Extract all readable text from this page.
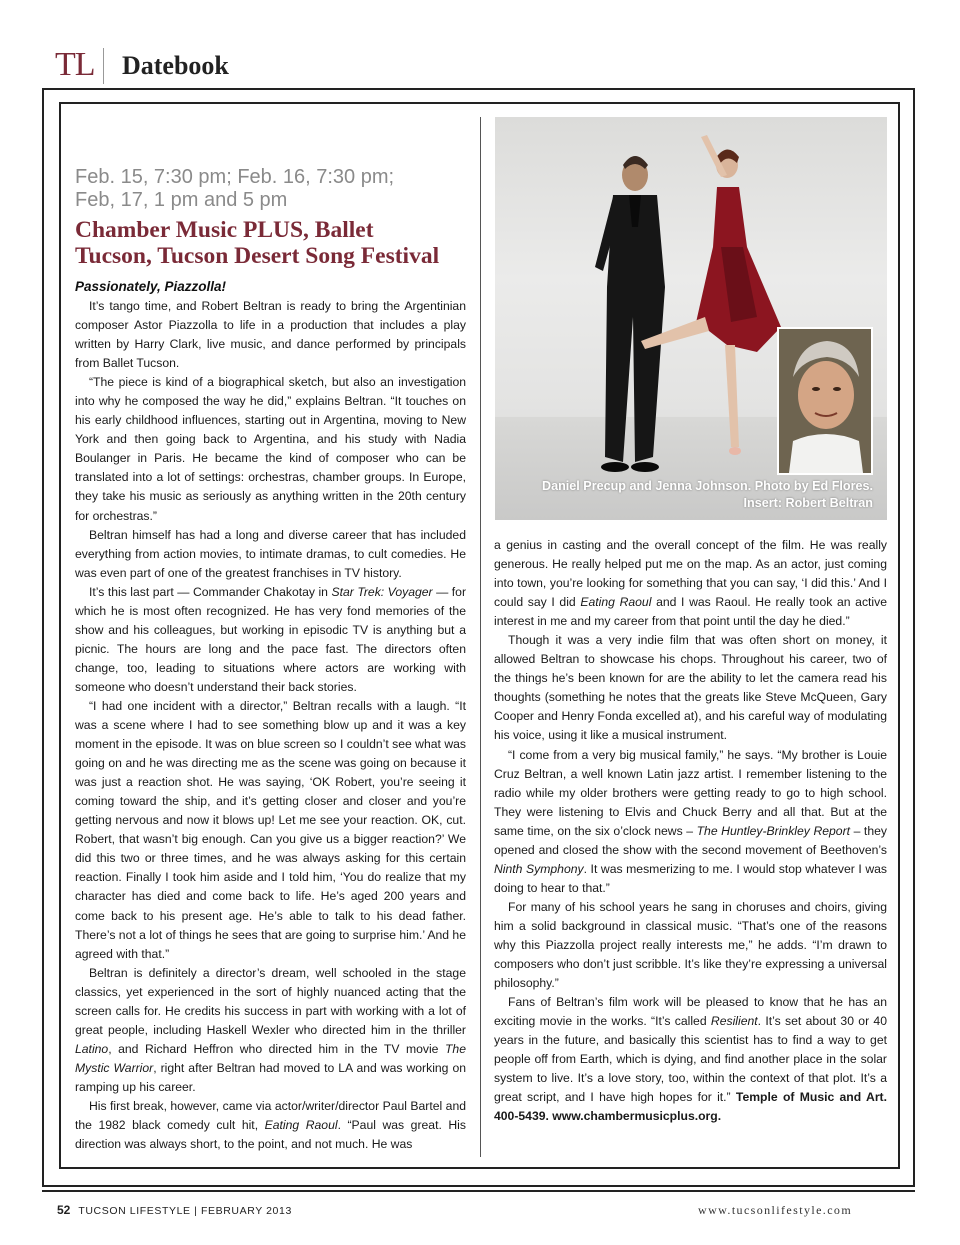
TL Datebook
Feb. 15, 7:30 pm; Feb. 16, 7:30 pm;
Feb, 17, 1 pm and 5 pm
Chamber Music PLUS, Ballet
Tucson, Tucson Desert Song Festival
Passionately, Piazzolla!

It’s tango time, and Robert Beltran is ready to bring the Argentinian composer Astor Piazzolla to life in a production that includes a play written by Harry Clark, live music, and dance performed by principals from Ballet Tucson.

“The piece is kind of a biographical sketch, but also an investigation into why he composed the way he did,” explains Beltran. “It touches on his early childhood influences, starting out in Argentina, moving to New York and then going back to Argentina, and his study with Nadia Boulanger in Paris. He became the kind of composer who can be translated into a lot of settings: orchestras, chamber groups. In Europe, they take his music as seriously as anything written in the 20th century for orchestras.”

Beltran himself has had a long and diverse career that has included everything from action movies, to intimate dramas, to cult comedies. He was even part of one of the greatest franchises in TV history.

It’s this last part — Commander Chakotay in Star Trek: Voyager — for which he is most often recognized. He has very fond memories of the show and his colleagues, but working in episodic TV is anything but a picnic. The hours are long and the pace fast. The directors often change, too, leading to situations where actors are working with someone who doesn’t understand their back stories.

“I had one incident with a director,” Beltran recalls with a laugh. “It was a scene where I had to see something blow up and it was a key moment in the episode. It was on blue screen so I couldn’t see what was going on and he was directing me as the scene was going on because it was just a reaction shot. He was saying, ‘OK Robert, you’re seeing it coming toward the ship, and it’s getting closer and closer and you’re getting nervous and now it blows up! Let me see your reaction. OK, cut. Robert, that wasn’t big enough. Can you give us a bigger reaction?’ We did this two or three times, and he was always asking for this certain reaction. Finally I took him aside and I told him, ‘You do realize that my character has died and come back to life. He’s aged 200 years and come back to his present age. He’s able to talk to his dead father. There’s not a lot of things he sees that are going to surprise him.’ And he agreed with that.”

Beltran is definitely a director’s dream, well schooled in the stage classics, yet experienced in the sort of highly nuanced acting that the screen calls for. He credits his success in part with working with a lot of great people, including Haskell Wexler who directed him in the thriller Latino, and Richard Heffron who directed him in the TV movie The Mystic Warrior, right after Beltran had moved to LA and was working on ramping up his career.

His first break, however, came via actor/writer/director Paul Bartel and the 1982 black comedy cult hit, Eating Raoul. “Paul was great. His direction was always short, to the point, and not much. He was

Daniel Precup and Jenna Johnson. Photo by Ed Flores.
Insert: Robert Beltran

a genius in casting and the overall concept of the film. He was really generous. He really helped put me on the map. As an actor, just coming into town, you’re looking for something that you can say, ‘I did this.’ And I could say I did Eating Raoul and I was Raoul. He really took an active interest in me and my career from that point until the day he died.”

Though it was a very indie film that was often short on money, it allowed Beltran to showcase his chops. Throughout his career, two of the things he’s been known for are the ability to let the camera read his thoughts (something he notes that the greats like Steve McQueen, Gary Cooper and Henry Fonda excelled at), and his careful way of modulating his voice, using it like a musical instrument.

“I come from a very big musical family,” he says. “My brother is Louie Cruz Beltran, a well known Latin jazz artist. I remember listening to the radio while my older brothers were getting ready to go to high school. They were listening to Elvis and Chuck Berry and all that. But at the same time, on the six o’clock news – The Huntley-Brinkley Report – they opened and closed the show with the second movement of Beethoven’s Ninth Symphony. It was mesmerizing to me. I would stop whatever I was doing to hear to that.”

For many of his school years he sang in choruses and choirs, giving him a solid background in classical music. “That’s one of the reasons why this Piazzolla project really interests me,” he adds. “I’m drawn to composers who don’t just scribble. It’s like they’re expressing a universal philosophy.”

Fans of Beltran’s film work will be pleased to know that he has an exciting movie in the works. “It’s called Resilient. It’s set about 30 or 40 years in the future, and basically this scientist has to find a way to get people off from Earth, which is dying, and find another place in the solar system to live. It’s a love story, too, within the context of that plot. It’s a great script, and I have high hopes for it.” Temple of Music and Art. 400-5439. www.chambermusicplus.org.

52 TUCSON LIFESTYLE | FEBRUARY 2013	www.tucsonlifestyle.com
